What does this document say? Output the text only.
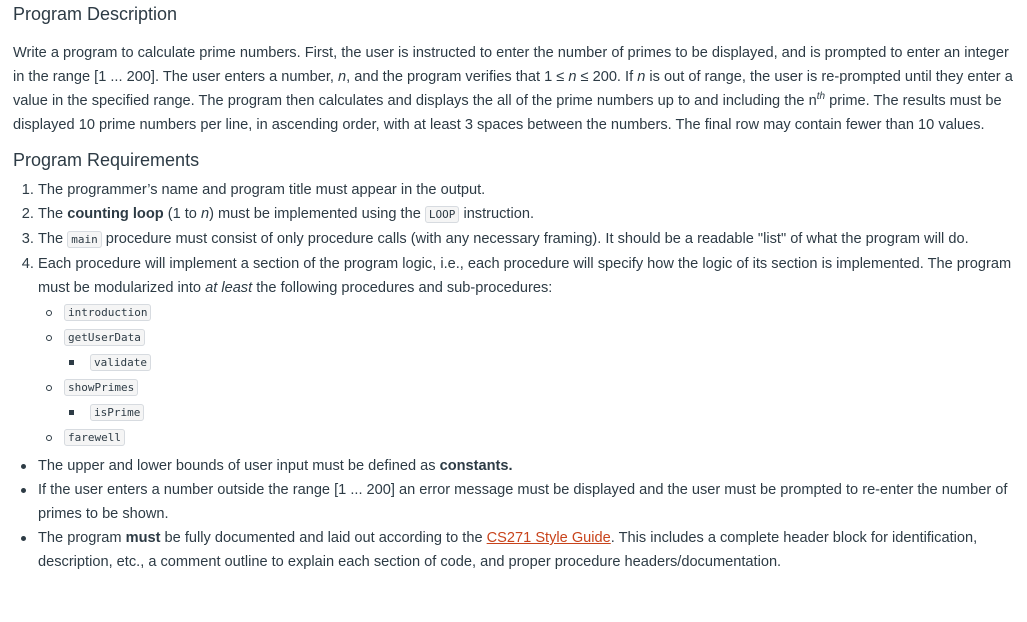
Program Description

Write a program to calculate prime numbers. First, the user is instructed to enter the number of primes to be displayed, and is prompted to enter an integer in the range [1 ... 200]. The user enters a number, n, and the program verifies that 1 ≤ n ≤ 200. If n is out of range, the user is re-prompted until they enter a value in the specified range. The program then calculates and displays the all of the prime numbers up to and including the $n^{th}$ prime. The results must be displayed 10 prime numbers per line, in ascending order, with at least 3 spaces between the numbers. The final row may contain fewer than 10 values.

Program Requirements
1. The programmer’s name and program title must appear in the output.
2. The counting loop (1 to n) must be implemented using the LOOP instruction.
3. The main procedure must consist of only procedure calls (with any necessary framing). It should be a readable "list" of what the program will do.
4. Each procedure will implement a section of the program logic, i.e., each procedure will specify how the logic of its section is implemented. The program must be modularized into at least the following procedures and sub-procedures:
introduction
getUserData
validate
showPrimes
isPrime
farewell
The upper and lower bounds of user input must be defined as constants.
If the user enters a number outside the range [1 ... 200] an error message must be displayed and the user must be prompted to re-enter the number of primes to be shown.
The program must be fully documented and laid out according to the CS271 Style Guide. This includes a complete header block for identification, description, etc., a comment outline to explain each section of code, and proper procedure headers/documentation.
